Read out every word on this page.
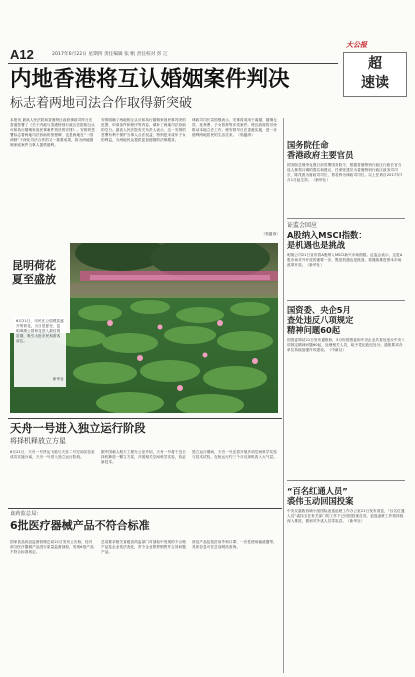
A12	2017年6月22日 星期四 责任编辑 张 帆 责任校对 彭 辽
大公报
超
速读
内地香港将互认婚姻案件判决
标志着两地司法合作取得新突破
本报讯 最高人民法院和香港特区政府律政司昨日在香港签署了《关于内地与香港特别行政区法院相互认可和执行婚姻家庭民事案件判决的安排》。安排的签署标志着两地司法协助的里程碑，也是两地在“一国两制”下深化司法合作的又一重要成果，将为两地婚姻家庭案件当事人提供便利。
安排明确了两地相互认可和执行婚姻家庭民事判决的范围、申请条件和程序等内容，填补了两地司法协助的空白。最高人民法院有关负责人表示，这一安排的签署有利于保护当事人合法权益，特别是未成年子女的利益，为两地民众提供更加便捷的法律服务。
律政司司长袁国强表示，安排将适用于离婚、婚姻无效、抚养费、子女管养等多类案件。特区政府将尽快推动本地立法工作，使安排早日在香港实施，进一步便利两地居民的生活往来。（郭蕴涛）
（郭蕴涛）
昆明荷花
夏至盛放
6月21日，市民在公园观赏盛开的荷花。当日是夏至，昆明翠湖公园荷花进入最佳观赏期，吸引大批市民和游客前往。
新华社
天舟一号进入独立运行阶段
将择机释放立方星
6月21日，天舟一号货运飞船与天宫二号空间实验室成功实施分离，天舟一号进入独立运行阶段。
据中国载人航天工程办公室介绍，天舟一号将于近日择机释放一颗立方星，开展相关空间科学实验，验证新技术。
独立运行期间，天舟一号还将开展多项空间科学实验与技术试验，在轨运行约三个月后择机再入大气层。
食药监总局：
6批医疗器械产品不符合标准
国家食品药品监督管理总局21日发布公告称，经对部分医疗器械产品进行质量监督抽检，发现6批产品不符合标准规定。
总局要求相关省级食药监部门对抽检中发现的不合格产品及企业依法查处，责令企业暂停销售并召回问题产品。
涉及产品包括医用外科口罩、一次性使用输液器等，具体信息可在总局网站查询。
国务院任命
香港政府主要官员
国务院总理李克强日前签署国务院令，根据香港特别行政区行政长官当选人林郑月娥的提名和建议，任命张建宗为香港特别行政区政务司司长，陈茂波为财政司司长，郑若骅为律政司司长。以上任命自2017年7月1日起生效。（新华社）
证监会回应
A股纳入MSCI指数：
是机遇也是挑战
明晟公司21日宣布将A股纳入MSCI新兴市场指数。证监会表示，这是A股市场对外开放的重要一步，既是机遇也是挑战，将继续推进资本市场改革开放。（新华社）
国资委、央企5月
查处违反八项规定
精神问题60起
国资委网站21日发布通报称，5月份国资委和中央企业共查处违反中央八项规定精神问题60起，处理相关人员，给予党纪政纪处分。通报要求各单位持续加强作风建设。（中新社）
“百名红通人员”
裘伟玉动回国投案
中央反腐败协调小组国际追逃追赃工作办公室21日发布消息，“百名红通人员”裘伟玉在有关部门的工作下已回国投案自首。追逃追赃工作将持续深入推进，做到对外逃人员零容忍。（新华社）
